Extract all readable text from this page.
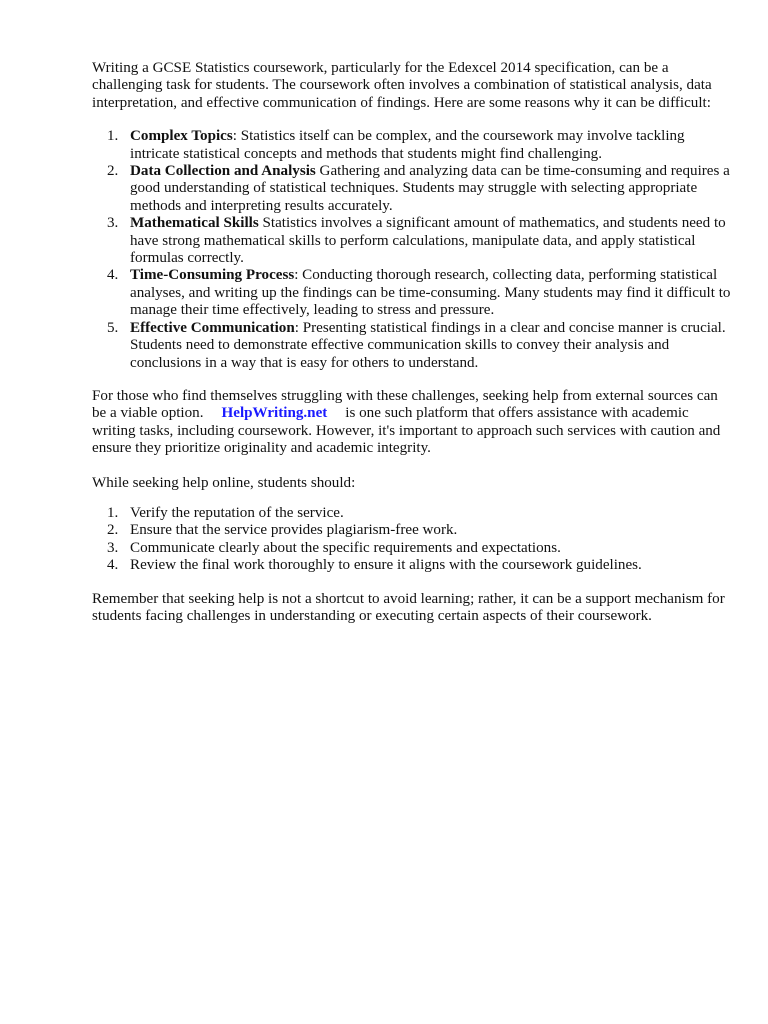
Writing a GCSE Statistics coursework, particularly for the Edexcel 2014 specification, can be a challenging task for students. The coursework often involves a combination of statistical analysis, data interpretation, and effective communication of findings. Here are some reasons why it can be difficult:

1. Complex Topics: Statistics itself can be complex, and the coursework may involve tackling intricate statistical concepts and methods that students might find challenging.
2. Data Collection and Analysis Gathering and analyzing data can be time-consuming and requires a good understanding of statistical techniques. Students may struggle with selecting appropriate methods and interpreting results accurately.
3. Mathematical Skills Statistics involves a significant amount of mathematics, and students need to have strong mathematical skills to perform calculations, manipulate data, and apply statistical formulas correctly.
4. Time-Consuming Process: Conducting thorough research, collecting data, performing statistical analyses, and writing up the findings can be time-consuming. Many students may find it difficult to manage their time effectively, leading to stress and pressure.
5. Effective Communication: Presenting statistical findings in a clear and concise manner is crucial. Students need to demonstrate effective communication skills to convey their analysis and conclusions in a way that is easy for others to understand.

For those who find themselves struggling with these challenges, seeking help from external sources can be a viable option. HelpWriting.net is one such platform that offers assistance with academic writing tasks, including coursework. However, it's important to approach such services with caution and ensure they prioritize originality and academic integrity.

While seeking help online, students should:

1. Verify the reputation of the service.
2. Ensure that the service provides plagiarism-free work.
3. Communicate clearly about the specific requirements and expectations.
4. Review the final work thoroughly to ensure it aligns with the coursework guidelines.

Remember that seeking help is not a shortcut to avoid learning; rather, it can be a support mechanism for students facing challenges in understanding or executing certain aspects of their coursework.
